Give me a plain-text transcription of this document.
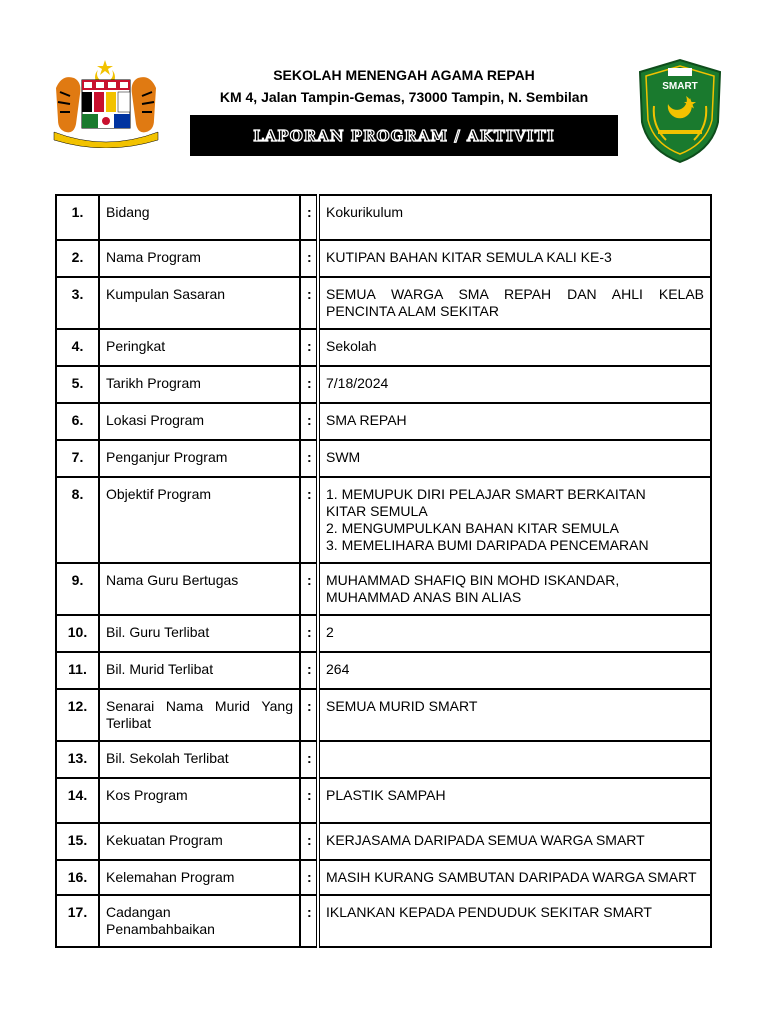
SMART
SEKOLAH MENENGAH AGAMA REPAH
KM 4, Jalan Tampin-Gemas, 73000 Tampin, N. Sembilan
LAPORAN PROGRAM / AKTIVITI
1.	Bidang	:	Kokurikulum
2.	Nama Program	:	KUTIPAN BAHAN KITAR SEMULA KALI KE-3
3.	Kumpulan Sasaran	:	SEMUA WARGA SMA REPAH DAN AHLI KELAB PENCINTA ALAM SEKITAR
4.	Peringkat	:	Sekolah
5.	Tarikh Program	:	7/18/2024
6.	Lokasi Program	:	SMA REPAH
7.	Penganjur Program	:	SWM
8.	Objektif Program	:	1. MEMUPUK DIRI PELAJAR SMART BERKAITAN
KITAR SEMULA
2. MENGUMPULKAN BAHAN KITAR SEMULA
3. MEMELIHARA BUMI DARIPADA PENCEMARAN

9.	Nama Guru Bertugas	:	MUHAMMAD SHAFIQ BIN MOHD ISKANDAR,
MUHAMMAD ANAS BIN ALIAS

10.	Bil. Guru Terlibat	:	2
11.	Bil. Murid Terlibat	:	264
12.	Senarai Nama Murid Yang Terlibat	:	SEMUA MURID SMART
13.	Bil. Sekolah Terlibat	:	
14.	Kos Program	:	PLASTIK SAMPAH
15.	Kekuatan Program	:	KERJASAMA DARIPADA SEMUA WARGA SMART
16.	Kelemahan Program	:	MASIH KURANG SAMBUTAN DARIPADA WARGA SMART
17.	Cadangan
Penambahbaikan	:	IKLANKAN KEPADA PENDUDUK SEKITAR SMART
